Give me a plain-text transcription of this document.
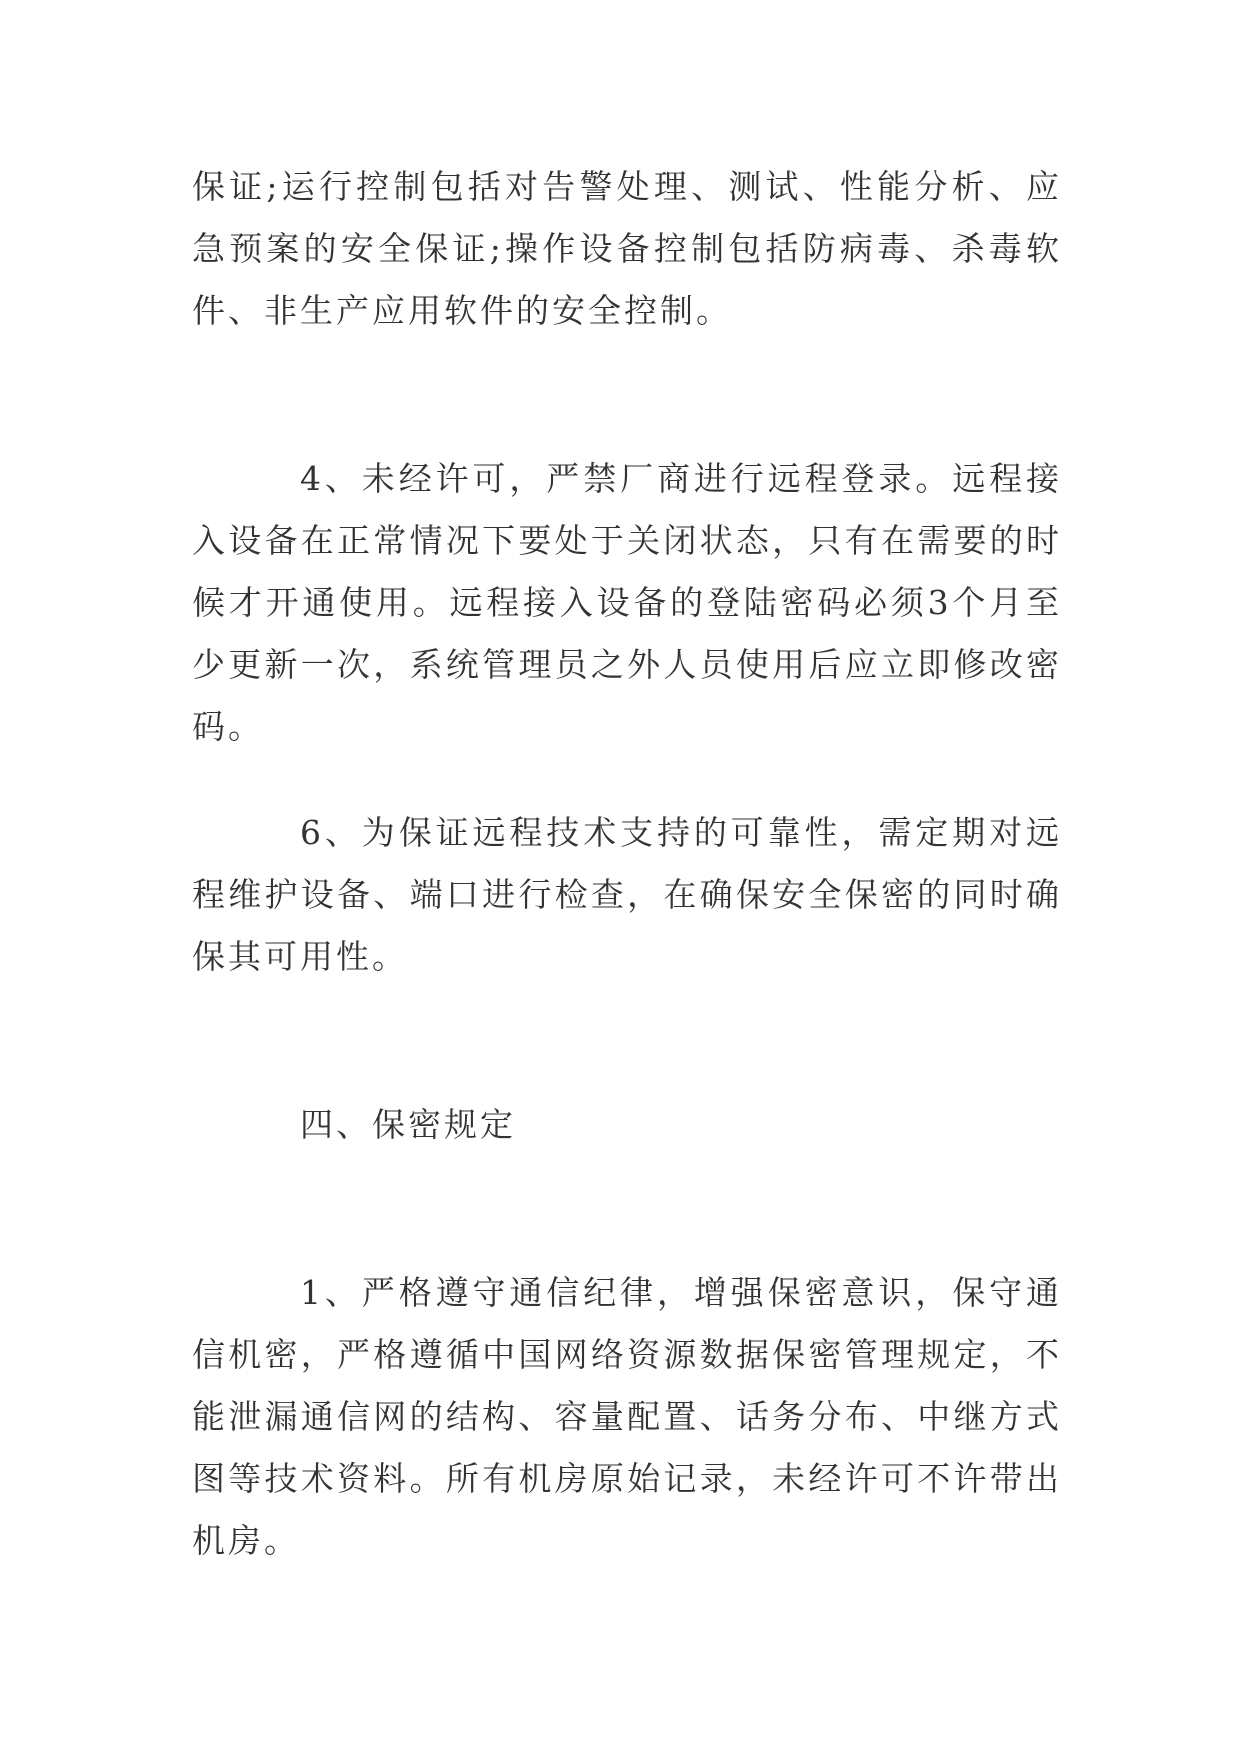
保证;运行控制包括对告警处理、测试、性能分析、应急预案的安全保证;操作设备控制包括防病毒、杀毒软件、非生产应用软件的安全控制。

4、未经许可，严禁厂商进行远程登录。远程接入设备在正常情况下要处于关闭状态，只有在需要的时候才开通使用。远程接入设备的登陆密码必须3个月至少更新一次，系统管理员之外人员使用后应立即修改密码。

6、为保证远程技术支持的可靠性，需定期对远程维护设备、端口进行检查，在确保安全保密的同时确保其可用性。

四、保密规定

1、严格遵守通信纪律，增强保密意识，保守通信机密，严格遵循中国网络资源数据保密管理规定，不能泄漏通信网的结构、容量配置、话务分布、中继方式图等技术资料。所有机房原始记录，未经许可不许带出机房。
